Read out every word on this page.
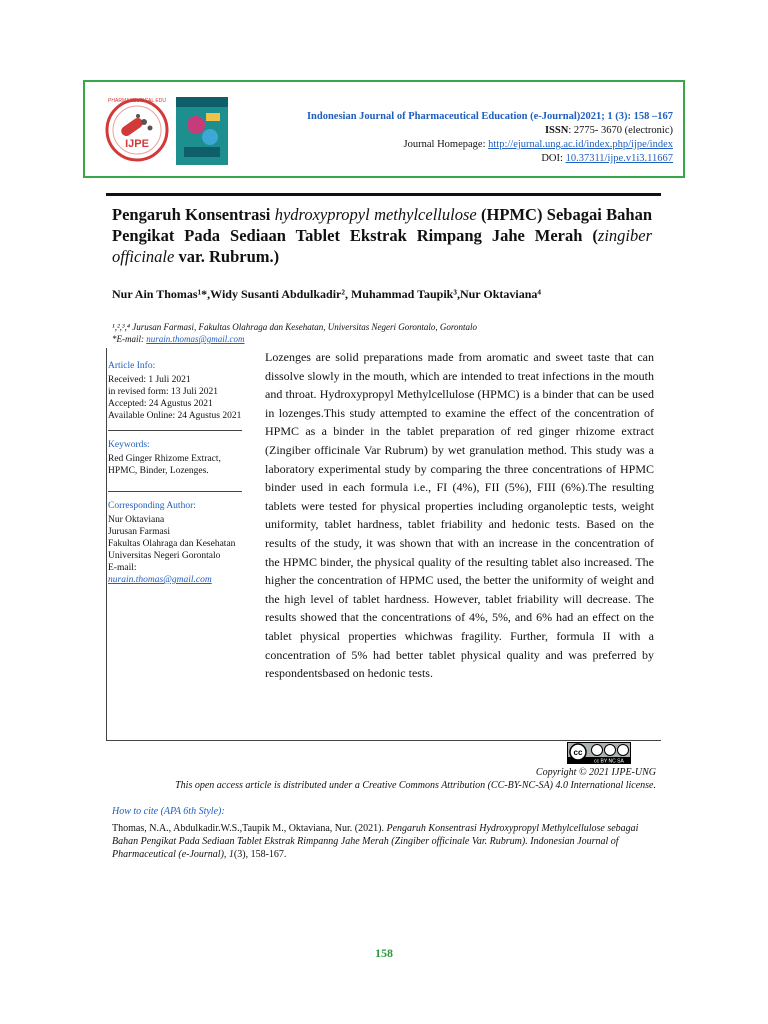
IJPE
PHARMACEUTICAL EDU
Indonesian Journal of Pharmaceutical Education (e-Journal)2021; 1 (3): 158 –167
ISSN: 2775- 3670 (electronic)
Journal Homepage: http://ejurnal.ung.ac.id/index.php/ijpe/index
DOI: 10.37311/ijpe.v1i3.11667
Pengaruh Konsentrasi hydroxypropyl methylcellulose (HPMC) Sebagai Bahan Pengikat Pada Sediaan Tablet Ekstrak Rimpang Jahe Merah (zingiber officinale var. Rubrum.)
Nur Ain Thomas¹*,Widy Susanti Abdulkadir², Muhammad Taupik³,Nur Oktaviana⁴
¹,²,³,⁴ Jurusan Farmasi, Fakultas Olahraga dan Kesehatan, Universitas Negeri Gorontalo, Gorontalo
*E-mail: nurain.thomas@gmail.com
Article Info:
Received: 1 Juli 2021
in revised form: 13 Juli 2021
Accepted: 24 Agustus 2021
Available Online: 24 Agustus 2021
Keywords:
Red Ginger Rhizome Extract, HPMC, Binder, Lozenges.
Corresponding Author:
Nur Oktaviana
Jurusan Farmasi
Fakultas Olahraga dan Kesehatan
Universitas Negeri Gorontalo
E-mail:
nurain.thomas@gmail.com
Lozenges are solid preparations made from aromatic and sweet taste that can dissolve slowly in the mouth, which are intended to treat infections in the mouth and throat. Hydroxypropyl Methylcellulose (HPMC) is a binder that can be used in lozenges.This study attempted to examine the effect of the concentration of HPMC as a binder in the tablet preparation of red ginger rhizome extract (Zingiber officinale Var Rubrum) by wet granulation method. This study was a laboratory experimental study by comparing the three concentrations of HPMC binder used in each formula i.e., FI (4%), FII (5%), FIII (6%).The resulting tablets were tested for physical properties including organoleptic tests, weight uniformity, tablet hardness, tablet friability and hedonic tests. Based on the results of the study, it was shown that with an increase in the concentration of the HPMC binder, the physical quality of the resulting tablet also increased. The higher the concentration of HPMC used, the better the uniformity of weight and the high level of tablet hardness. However, tablet friability will decrease. The results showed that the concentrations of 4%, 5%, and 6% had an effect on the tablet physical properties whichwas fragility. Further, formula II with a concentration of 5% had better tablet physical quality and was preferred by respondentsbased on hedonic tests.
cc
cc BY NC SA
Copyright © 2021 IJPE-UNG
This open access article is distributed under a Creative Commons Attribution (CC-BY-NC-SA) 4.0 International license.
How to cite (APA 6th Style):
Thomas, N.A., Abdulkadir.W.S.,Taupik M., Oktaviana, Nur. (2021). Pengaruh Konsentrasi Hydroxypropyl Methylcellulose sebagai Bahan Pengikat Pada Sediaan Tablet Ekstrak Rimpanng Jahe Merah (Zingiber officinale Var. Rubrum). Indonesian Journal of Pharmaceutical (e-Journal), 1(3), 158-167.
158
